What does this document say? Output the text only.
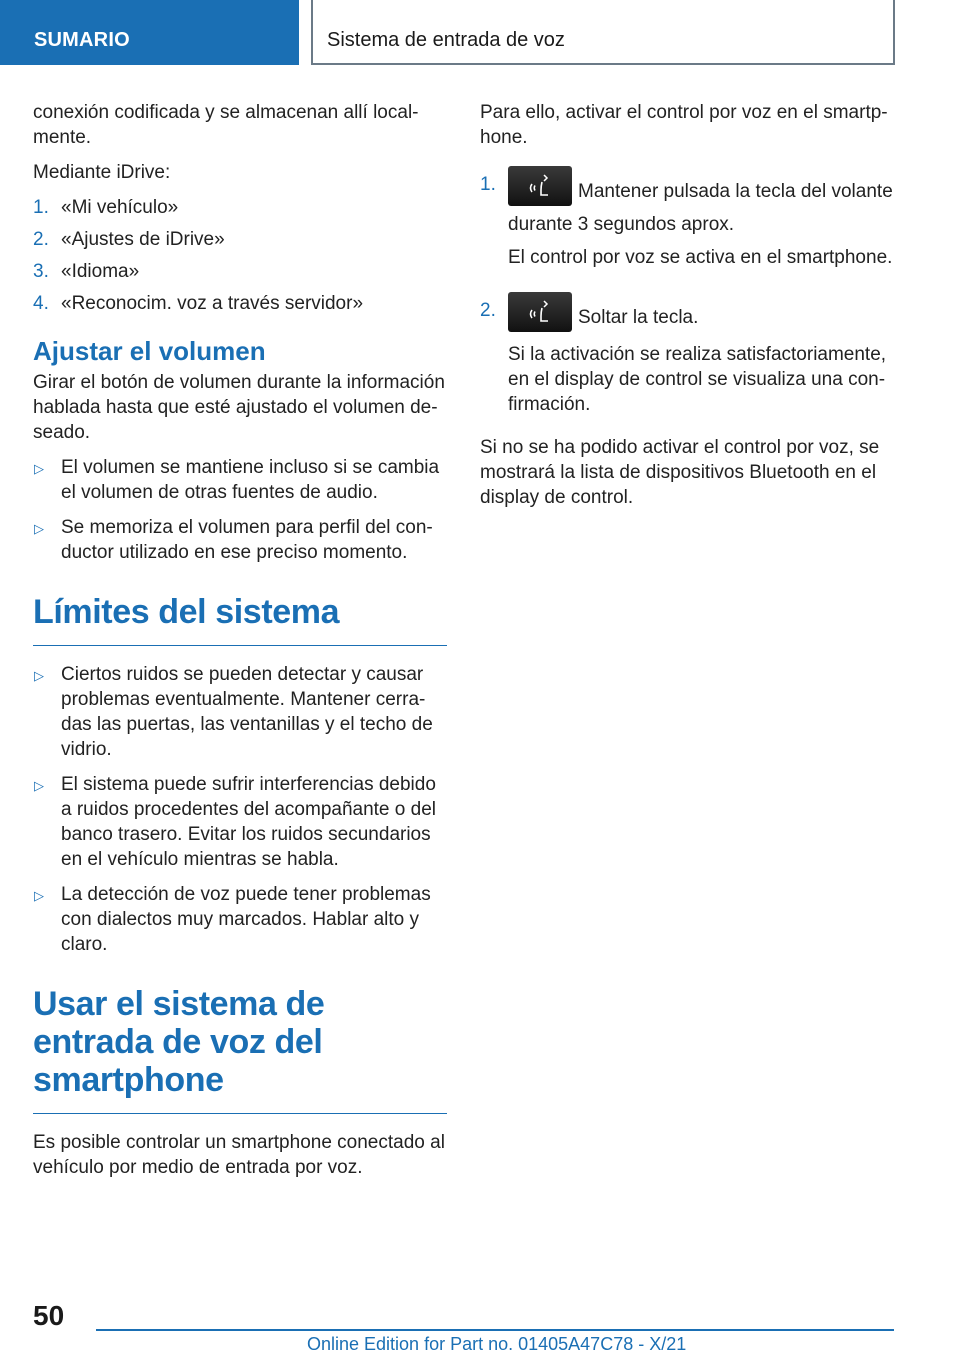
SUMARIO	Sistema de entrada de voz

conexión codificada y se almacenan allí localmente.

Mediante iDrive:

1. «Mi vehículo»
2. «Ajustes de iDrive»
3. «Idioma»
4. «Reconocim. voz a través servidor»
Ajustar el volumen

Girar el botón de volumen durante la información hablada hasta que esté ajustado el volumen deseado.

▷ El volumen se mantiene incluso si se cambia el volumen de otras fuentes de audio.
▷ Se memoriza el volumen para perfil del conductor utilizado en ese preciso momento.
Límites del sistema
▷ Ciertos ruidos se pueden detectar y causar problemas eventualmente. Mantener cerradas las puertas, las ventanillas y el techo de vidrio.
▷ El sistema puede sufrir interferencias debido a ruidos procedentes del acompañante o del banco trasero. Evitar los ruidos secundarios en el vehículo mientras se habla.
▷ La detección de voz puede tener problemas con dialectos muy marcados. Hablar alto y claro.
Usar el sistema de entrada de voz del smartphone

Es posible controlar un smartphone conectado al vehículo por medio de entrada por voz.

Para ello, activar el control por voz en el smartphone.

1.	Mantener pulsada la tecla del volante durante 3 segundos aprox.

El control por voz se activa en el smartphone.

2.	Soltar la tecla.

Si la activación se realiza satisfactoriamente, en el display de control se visualiza una confirmación.

Si no se ha podido activar el control por voz, se mostrará la lista de dispositivos Bluetooth en el display de control.

50
Online Edition for Part no. 01405A47C78 - X/21
